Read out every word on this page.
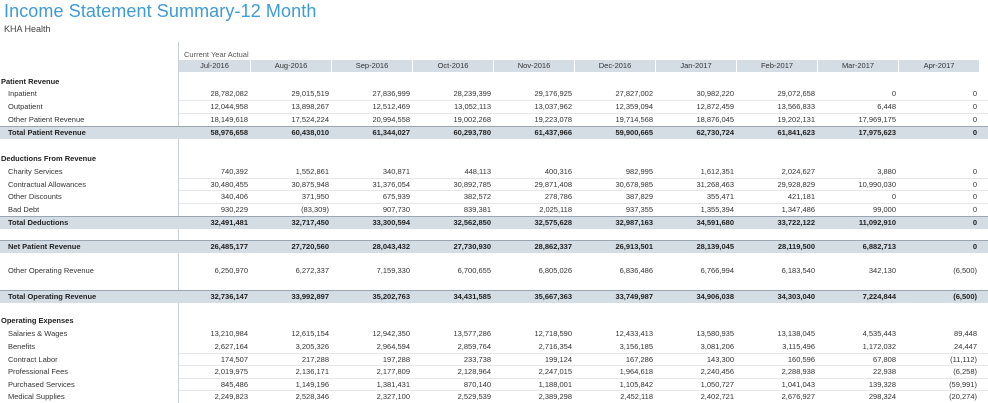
Income Statement Summary-12 Month
KHA Health
Current Year Actual
Jul-2016	Aug-2016	Sep-2016	Oct-2016	Nov-2016	Dec-2016	Jan-2017	Feb-2017	Mar-2017	Apr-2017
Patient Revenue
Inpatient	28,782,082	29,015,519	27,836,999	28,239,399	29,176,925	27,827,002	30,982,220	29,072,658	0	0
Outpatient	12,044,958	13,898,267	12,512,469	13,052,113	13,037,962	12,359,094	12,872,459	13,566,833	6,448	0
Other Patient Revenue	18,149,618	17,524,224	20,994,558	19,002,268	19,223,078	19,714,568	18,876,045	19,202,131	17,969,175	0
Total Patient Revenue	58,976,658	60,438,010	61,344,027	60,293,780	61,437,966	59,900,665	62,730,724	61,841,623	17,975,623	0
Deductions From Revenue
Charity Services	740,392	1,552,861	340,871	448,113	400,316	982,995	1,612,351	2,024,627	3,880	0
Contractual Allowances	30,480,455	30,875,948	31,376,054	30,892,785	29,871,408	30,678,985	31,268,463	29,928,829	10,990,030	0
Other Discounts	340,406	371,950	675,939	382,572	278,786	387,829	355,471	421,181	0	0
Bad Debt	930,229	(83,309)	907,730	839,381	2,025,118	937,355	1,355,394	1,347,486	99,000	0
Total Deductions	32,491,481	32,717,450	33,300,594	32,562,850	32,575,628	32,987,163	34,591,680	33,722,122	11,092,910	0
Net Patient Revenue	26,485,177	27,720,560	28,043,432	27,730,930	28,862,337	26,913,501	28,139,045	28,119,500	6,882,713	0
Other Operating Revenue	6,250,970	6,272,337	7,159,330	6,700,655	6,805,026	6,836,486	6,766,994	6,183,540	342,130	(6,500)
Total Operating Revenue	32,736,147	33,992,897	35,202,763	34,431,585	35,667,363	33,749,987	34,906,038	34,303,040	7,224,844	(6,500)
Operating Expenses
Salaries & Wages	13,210,984	12,615,154	12,942,350	13,577,286	12,718,590	12,433,413	13,580,935	13,138,045	4,535,443	89,448
Benefits	2,627,164	3,205,326	2,964,594	2,859,764	2,716,354	3,156,185	3,081,206	3,115,496	1,172,032	24,447
Contract Labor	174,507	217,288	197,288	233,738	199,124	167,286	143,300	160,596	67,808	(11,112)
Professional Fees	2,019,975	2,136,171	2,177,809	2,128,964	2,247,015	1,964,618	2,240,456	2,288,938	22,938	(6,258)
Purchased Services	845,486	1,149,196	1,381,431	870,140	1,188,001	1,105,842	1,050,727	1,041,043	139,328	(59,991)
Medical Supplies	2,249,823	2,528,346	2,327,100	2,529,539	2,389,298	2,452,118	2,402,721	2,676,927	298,324	(20,274)
